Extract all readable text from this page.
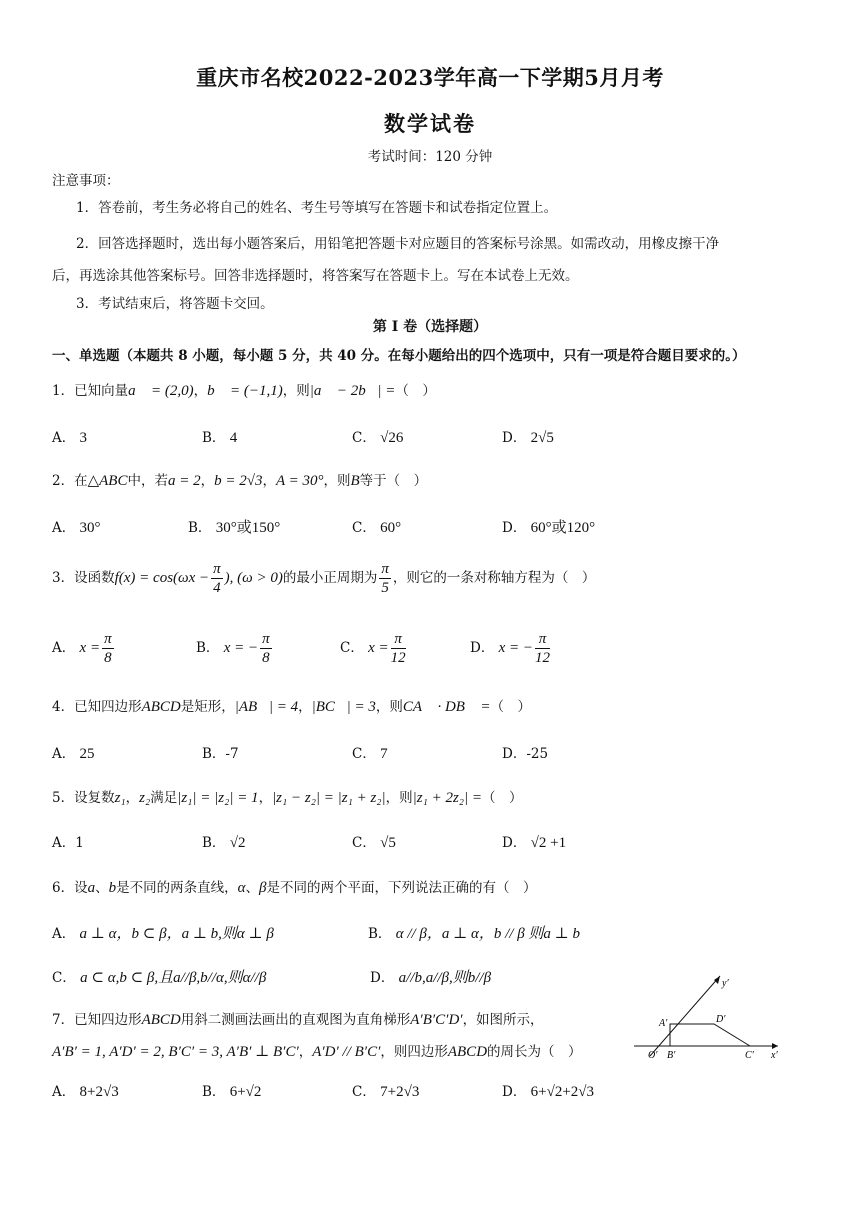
重庆市名校2022-2023学年高一下学期5月月考
数学试卷
考试时间：120 分钟
注意事项：
1．答卷前，考生务必将自己的姓名、考生号等填写在答题卡和试卷指定位置上。
2．回答选择题时，选出每小题答案后，用铅笔把答题卡对应题目的答案标号涂黑。如需改动，用橡皮擦干净
后，再选涂其他答案标号。回答非选择题时，将答案写在答题卡上。写在本试卷上无效。
3．考试结束后，将答题卡交回。
第 I 卷（选择题）
一、单选题（本题共 8 小题，每小题 5 分，共 40 分。在每小题给出的四个选项中，只有一项是符合题目要求的。）
1．已知向量a⃗ = (2,0)，b⃗ = (−1,1)，则|a⃗ − 2b⃗| =（　）
A． 3	B． 4	C． √26	D． 2√5
2．在△ABC中，若a = 2，b = 2√3，A = 30°，则B等于（　）
A． 30°	B． 30°或150°	C． 60°	D． 60°或120°
3．设函数$f(x) = \cos(\omega x - \frac{\pi}{4}$ ), (ω > 0)的最小正周期为 $\frac{\pi}{5}$ ，则它的一条对称轴方程为（　）
A． $x = \frac{\pi}{8}$	B． x = − $\frac{\pi}{8}$	C． $x = \frac{\pi}{12}$	D． x = − $\frac{\pi}{12}$
4．已知四边形ABCD是矩形，|AB⃗| = 4，|BC⃗| = 3，则CA⃗ · DB⃗ =（　）
A． 25	B．-7	C． 7	D．-25
5．设复数z₁，z₂满足|z₁| = |z₂| = 1，|z₁ − z₂| = |z₁ + z₂|，则|z₁ + 2z₂| =（　）
A．1	B． √2	C． √5	D． √2 +1
6．设a、b是不同的两条直线，α、β是不同的两个平面，下列说法正确的有（　）
A． a ⊥ α，b ⊂ β，a ⊥ b,则α ⊥ β	B． α // β，a ⊥ α，b // β 则a ⊥ b
C． a ⊂ α,b ⊂ β,且a//β,b//α,则α//β	D． a//b,a//β,则b//β
7．已知四边形ABCD用斜二测画法画出的直观图为直角梯形A′B′C′D′，如图所示，
A′B′ = 1, A′D′ = 2, B′C′ = 3, A′B′ ⊥ B′C′，A′D′ // B′C′，则四边形ABCD的周长为（　）
A． 8+2√3	B． 6+√2	C． 7+2√3	D． 6+√2+2√3
y′
x′
O′
A′
B′	C′
D′
